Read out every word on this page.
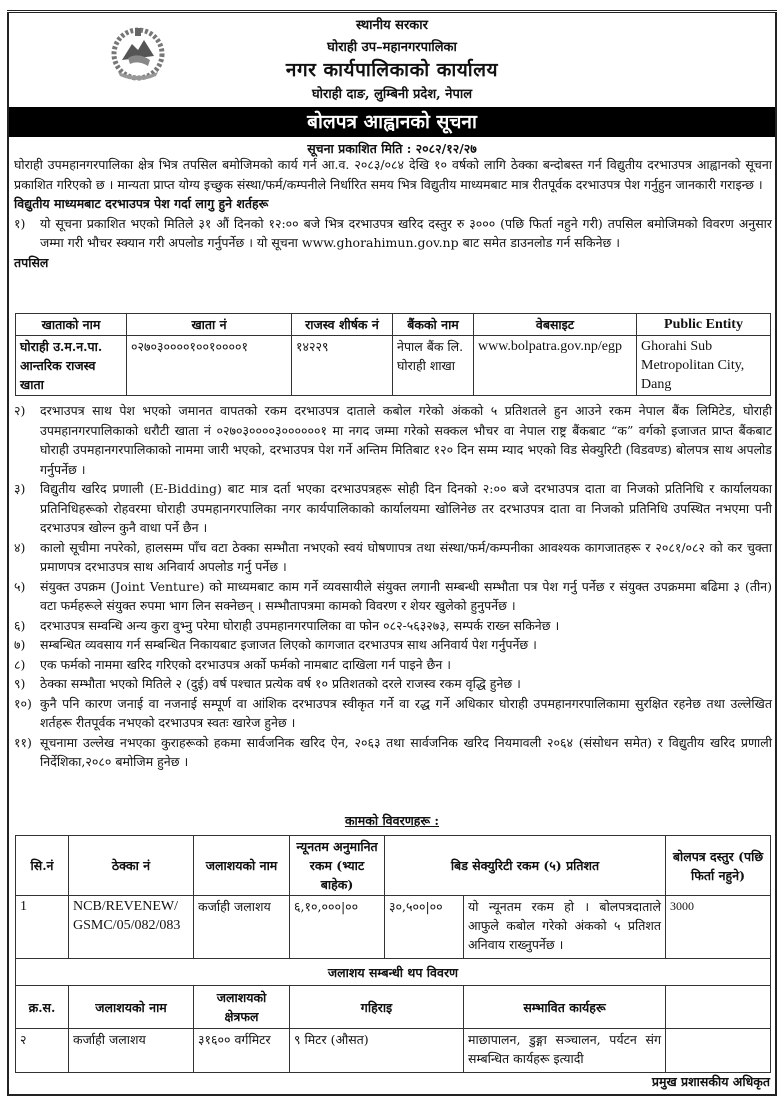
स्थानीय सरकार
घोराही उप–महानगरपालिका
नगर कार्यपालिकाको कार्यालय
घोराही दाङ, लुम्बिनी प्रदेश, नेपाल
बोलपत्र आह्वानको सूचना
सूचना प्रकाशित मिति : २०८२/१२/२७
घोराही उपमहानगरपालिका क्षेत्र भित्र तपसिल बमोजिमको कार्य गर्न आ.व. २०८३/०८४ देखि १० वर्षको लागि ठेक्का बन्दोबस्त गर्न विद्युतीय दरभाउपत्र आह्वानको सूचना प्रकाशित गरिएको छ । मान्यता प्राप्त योग्य इच्छुक संस्था/फर्म/कम्पनीले निर्धारित समय भित्र विद्युतीय माध्यमबाट मात्र रीतपूर्वक दरभाउपत्र पेश गर्नुहुन जानकारी गराइन्छ ।
विद्युतीय माध्यमबाट दरभाउपत्र पेश गर्दा लागु हुने शर्तहरू
१)	यो सूचना प्रकाशित भएको मितिले ३१ औं दिनको १२:०० बजे भित्र दरभाउपत्र खरिद दस्तुर रु ३००० (पछि फिर्ता नहुने गरी) तपसिल बमोजिमको विवरण अनुसार जम्मा गरी भौचर स्क्यान गरी अपलोड गर्नुपर्नेछ । यो सूचना www.ghorahimun.gov.np बाट समेत डाउनलोड गर्न सकिनेछ ।
तपसिल
खाताको नाम	खाता नं	राजस्व शीर्षक नं	बैंकको नाम	वेबसाइट	Public Entity
घोराही उ.म.न.पा. आन्तरिक राजस्व खाता	०२७०३००००१००१००००१	१४२२९	नेपाल बैंक लि. घोराही शाखा	www.bolpatra.gov.np/egp	Ghorahi Sub Metropolitan City, Dang
२)	दरभाउपत्र साथ पेश भएको जमानत वापतको रकम दरभाउपत्र दाताले कबोल गरेको अंकको ५ प्रतिशतले हुन आउने रकम नेपाल बैंक लिमिटेड, घोराही उपमहानगरपालिकाको धरौटी खाता नं ०२७०३००००३००००००१ मा नगद जम्मा गरेको सक्कल भौचर वा नेपाल राष्ट्र बैंकबाट “क” वर्गको इजाजत प्राप्त बैंकबाट घोराही उपमहानगरपालिकाको नाममा जारी भएको, दरभाउपत्र पेश गर्ने अन्तिम मितिबाट १२० दिन सम्म म्याद भएको विड सेक्युरिटी (विडवण्ड) बोलपत्र साथ अपलोड गर्नुपर्नेछ ।
३)	विद्युतीय खरिद प्रणाली (E-Bidding) बाट मात्र दर्ता भएका दरभाउपत्रहरू सोही दिन दिनको २:०० बजे दरभाउपत्र दाता वा निजको प्रतिनिधि र कार्यालयका प्रतिनिधिहरूको रोहवरमा घोराही उपमहानगरपालिका नगर कार्यपालिकाको कार्यालयमा खोलिनेछ तर दरभाउपत्र दाता वा निजको प्रतिनिधि उपस्थित नभएमा पनी दरभाउपत्र खोल्न कुनै वाधा पर्ने छैन ।
४)	कालो सूचीमा नपरेको, हालसम्म पाँच वटा ठेक्का सम्भौता नभएको स्वयं घोषणापत्र तथा संस्था/फर्म/कम्पनीका आवश्यक कागजातहरू र २०८१/०८२ को कर चुक्ता प्रमाणपत्र दरभाउपत्र साथ अनिवार्य अपलोड गर्नु पर्नेछ ।
५)	संयुक्त उपक्रम (Joint Venture) को माध्यमबाट काम गर्ने व्यवसायीले संयुक्त लगानी सम्बन्धी सम्भौता पत्र पेश गर्नु पर्नेछ र संयुक्त उपक्रममा बढिमा ३ (तीन) वटा फर्महरूले संयुक्त रुपमा भाग लिन सक्नेछन् । सम्भौतापत्रमा कामको विवरण र शेयर खुलेको हुनुपर्नेछ ।
६)	दरभाउपत्र सम्वन्धि अन्य कुरा वुभ्नु परेमा घोराही उपमहानगरपालिका वा फोन ०८२-५६३२७३, सम्पर्क राख्न सकिनेछ ।
७)	सम्बन्धित व्यवसाय गर्न सम्बन्धित निकायबाट इजाजत लिएको कागजात दरभाउपत्र साथ अनिवार्य पेश गर्नुपर्नेछ ।
८)	एक फर्मको नाममा खरिद गरिएको दरभाउपत्र अर्को फर्मको नामबाट दाखिला गर्न पाइने छैन ।
९)	ठेक्का सम्भौता भएको मितिले २ (दुई) वर्ष पश्चात प्रत्येक वर्ष १० प्रतिशतको दरले राजस्व रकम वृद्धि हुनेछ ।
१०) कुनै पनि कारण जनाई वा नजनाई सम्पूर्ण वा आंशिक दरभाउपत्र स्वीकृत गर्ने वा रद्ध गर्ने अधिकार घोराही उपमहानगरपालिकामा सुरक्षित रहनेछ तथा उल्लेखित शर्तहरू रीतपूर्वक नभएको दरभाउपत्र स्वतः खारेज हुनेछ ।
११) सूचनामा उल्लेख नभएका कुराहरूको हकमा सार्वजनिक खरिद ऐन, २०६३ तथा सार्वजनिक खरिद नियमावली २०६४ (संसोधन समेत) र विद्युतीय खरिद प्रणाली निर्देशिका,२०८० बमोजिम हुनेछ ।
कामको विवरणहरू :
सि.नं	ठेक्का नं	जलाशयको नाम	न्यूनतम अनुमानित रकम (भ्याट बाहेक)	बिड सेक्युरिटी रकम (५) प्रतिशत		बोलपत्र दस्तुर (पछि फिर्ता नहुने)
1	NCB/REVENEW/ GSMC/05/082/083	कर्जाही जलाशय	६,१०,०००|००	३०,५००|००	यो न्यूनतम रकम हो । बोलपत्रदाताले आफुले कबोल गरेको अंकको ५ प्रतिशत अनिवाय राख्नुपर्नेछ ।	3000
जलाशय सम्बन्धी थप विवरण						
क्र.स.	जलाशयको नाम	जलाशयको क्षेत्रफल	गहिराइ		सम्भावित कार्यहरू	
२	कर्जाही जलाशय	३१६०० वर्गमिटर	९ मिटर (औसत)		माछापालन, डुङ्गा सञ्चालन, पर्यटन संग सम्बन्धित कार्यहरू इत्यादी	
प्रमुख प्रशासकीय अधिकृत
